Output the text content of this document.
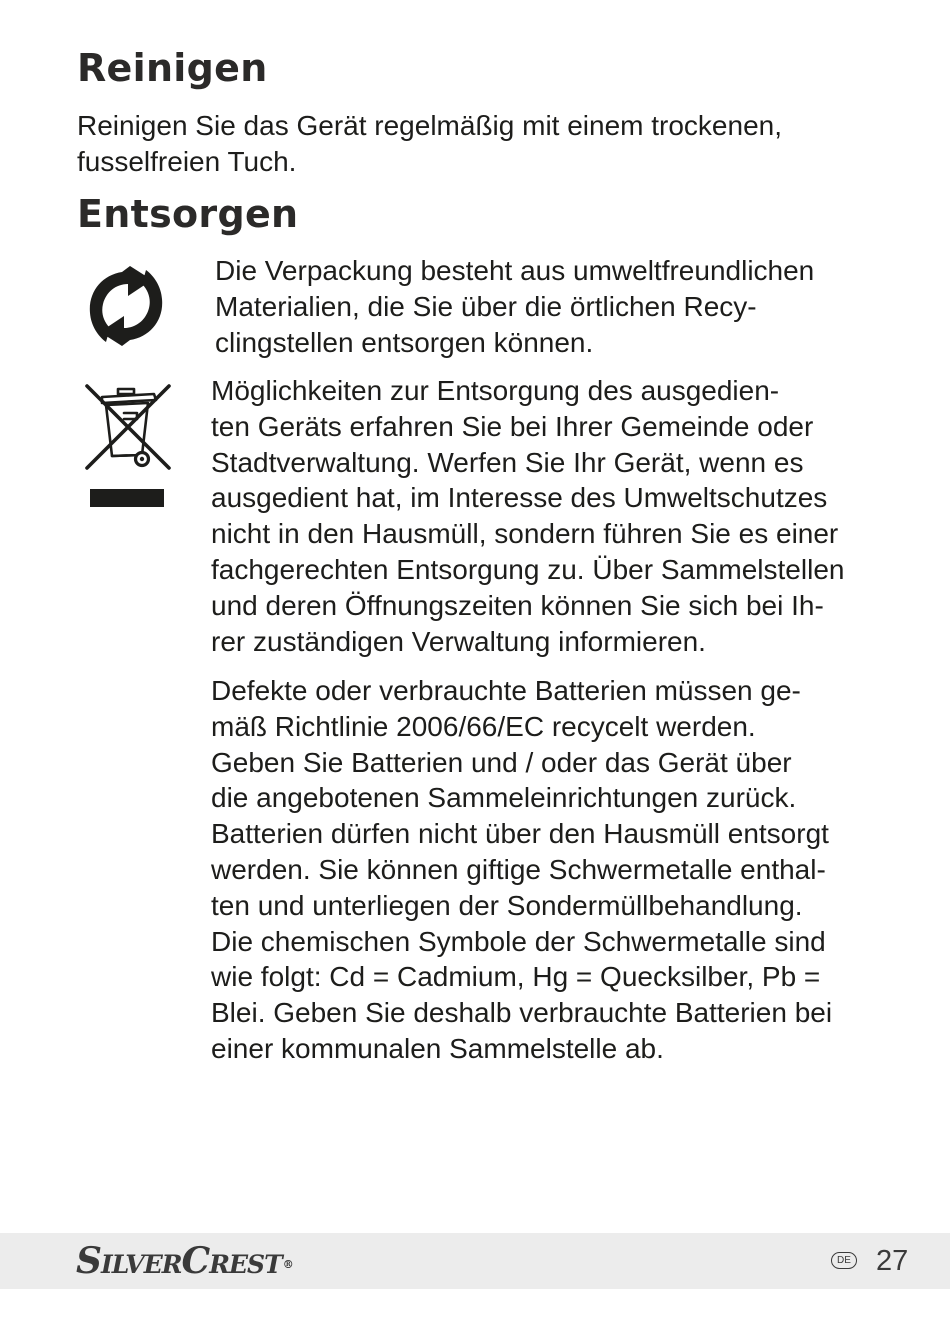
Reinigen

Reinigen Sie das Gerät regelmäßig mit einem trockenen,
fusselfreien Tuch.

Entsorgen

Die Verpackung besteht aus umweltfreundlichen
Materialien, die Sie über die örtlichen Recy-
clingstellen entsorgen können.

Möglichkeiten zur Entsorgung des ausgedien-
ten Geräts erfahren Sie bei Ihrer Gemeinde oder
Stadtverwaltung. Werfen Sie Ihr Gerät, wenn es
ausgedient hat, im Interesse des Umweltschutzes
nicht in den Hausmüll, sondern führen Sie es einer
fachgerechten Entsorgung zu. Über Sammelstellen
und deren Öffnungszeiten können Sie sich bei Ih-
rer zuständigen Verwaltung informieren.

Defekte oder verbrauchte Batterien müssen ge-
mäß Richtlinie 2006/66/EC recycelt werden.
Geben Sie Batterien und / oder das Gerät über
die angebotenen Sammeleinrichtungen zurück.
Batterien dürfen nicht über den Hausmüll entsorgt
werden. Sie können giftige Schwermetalle enthal-
ten und unterliegen der Sondermüllbehandlung.
Die chemischen Symbole der Schwermetalle sind
wie folgt: Cd = Cadmium, Hg = Quecksilber, Pb =
Blei. Geben Sie deshalb verbrauchte Batterien bei
einer kommunalen Sammelstelle ab.

SILVERCREST®	DE 27
